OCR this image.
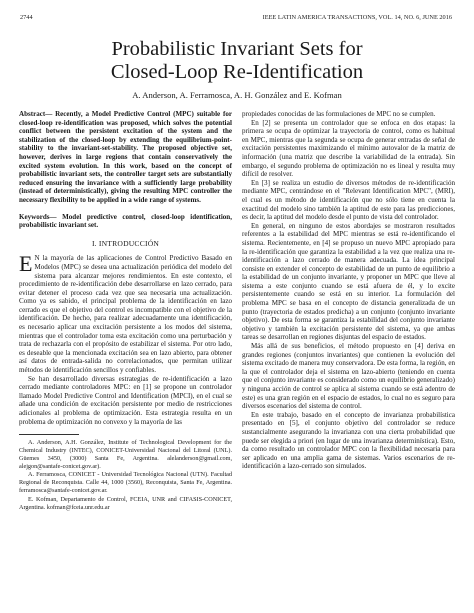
2744	IEEE LATIN AMERICA TRANSACTIONS, VOL. 14, NO. 6, JUNE 2016
Probabilistic Invariant Sets for
Closed-Loop Re-Identification
A. Anderson, A. Ferramosca, A. H. González and E. Kofman

Abstract— Recently, a Model Predictive Control (MPC) suitable for closed-loop re-identification was proposed, which solves the potential conflict between the persistent excitation of the system and the stabilization of the closed-loop by extending the equilibrium-point-stability to the invariant-set-stability. The proposed objective set, however, derives in large regions that contain conservatively the excited system evolution. In this work, based on the concept of probabilistic invariant sets, the controller target sets are substantially reduced ensuring the invariance with a sufficiently large probability (instead of deterministically), giving the resulting MPC controller the necessary flexibility to be applied in a wide range of systems.

Keywords— Model predictive control, closed-loop identification, probabilistic invariant set.

I. INTRODUCCIÓN

E N la mayoría de las aplicaciones de Control Predictivo Basado en Modelos (MPC) se desea una actualización periódica del modelo del sistema para alcanzar mejores rendimientos. En este contexto, el procedimiento de re-identificación debe desarrollarse en lazo cerrado, para evitar detener el proceso cada vez que sea necesaria una actualización. Como ya es sabido, el principal problema de la identificación en lazo cerrado es que el objetivo del control es incompatible con el objetivo de la identificación. De hecho, para realizar adecuadamente una identificación, es necesario aplicar una excitación persistente a los modos del sistema, mientras que el controlador toma esta excitación como una perturbación y trata de rechazarla con el propósito de estabilizar el sistema. Por otro lado, es deseable que la mencionada excitación sea en lazo abierto, para obtener así datos de entrada-salida no correlacionados, que permitan utilizar métodos de identificación sencillos y confiables.

Se han desarrollado diversas estrategias de re-identificación a lazo cerrado mediante controladores MPC: en [1] se propone un controlador llamado Model Predictive Control and Identification (MPCI), en el cual se añade una condición de excitación persistente por medio de restricciones adicionales al problema de optimización. Esta estrategia resulta en un problema de optimización no convexo y la mayoría de las

A. Anderson, A.H. González, Institute of Technological Development for the Chemical Industry (INTEC), CONICET-Universidad Nacional del Litoral (UNL). Güemes 3450, (3000) Santa Fe, Argentina. alelanderson@gmail.com, alejgon@santafe-conicet.gov.ar).

A. Ferramosca, CONICET - Universidad Tecnológica Nacional (UTN). Facultad Regional de Reconquista. Calle 44, 1000 (3560), Reconquista, Santa Fe, Argentina. ferramosca@santafe-conicet.gov.ar.

E. Kofman, Departamento de Control, FCEIA, UNR and CIFASIS-CONICET, Argentina. kofman@fceia.unr.edu.ar

propiedades conocidas de las formulaciones de MPC no se cumplen.

En [2] se presenta un controlador que se enfoca en dos etapas: la primera se ocupa de optimizar la trayectoria de control, como es habitual en MPC, mientras que la segunda se ocupa de generar entradas de señal de excitación persistentes maximizando el mínimo autovalor de la matriz de información (una matriz que describe la variabilidad de la entrada). Sin embargo, el segundo problema de optimización no es lineal y resulta muy difícil de resolver.

En [3] se realiza un estudio de diversos métodos de re-identificación mediante MPC, centrándose en el "Relevant Identification MPC", (MRI), el cual es un método de identificación que no sólo tiene en cuenta la exactitud del modelo sino también la aptitud de este para las predicciones, es decir, la aptitud del modelo desde el punto de vista del controlador.

En general, en ninguno de estos abordajes se mostraron resultados referentes a la estabilidad del MPC mientras se está re-identificando el sistema. Recientemente, en [4] se propuso un nuevo MPC apropiado para la re-identificación que garantiza la estabilidad a la vez que realiza una re-identificación a lazo cerrado de manera adecuada. La idea principal consiste en extender el concepto de estabilidad de un punto de equilibrio a la estabilidad de un conjunto invariante, y proponer un MPC que lleve al sistema a este conjunto cuando se está afuera de él, y lo excite persistentemente cuando se está en su interior. La formulación del problema MPC se basa en el concepto de distancia generalizada de un punto (trayectoria de estados predicha) a un conjunto (conjunto invariante objetivo). De esta forma se garantiza la estabilidad del conjunto invariante objetivo y también la excitación persistente del sistema, ya que ambas tareas se desarrollan en regiones disjuntas del espacio de estados.

Más allá de sus beneficios, el método propuesto en [4] deriva en grandes regiones (conjuntos invariantes) que contienen la evolución del sistema excitado de manera muy conservadora. De esta forma, la región, en la que el controlador deja el sistema en lazo-abierto (teniendo en cuenta que el conjunto invariante es considerado como un equilibrio generalizado) y ninguna acción de control se aplica al sistema cuando se está adentro de este) es una gran región en el espacio de estados, lo cual no es seguro para diversos escenarios del sistema de control.

En este trabajo, basado en el concepto de invarianza probabilística presentado en [5], el conjunto objetivo del controlador se reduce sustancialmente asegurando la invarianza con una cierta probabilidad que puede ser elegida a priori (en lugar de una invarianza determinística). Esto, da como resultado un controlador MPC con la flexibilidad necesaria para ser aplicado en una amplia gama de sistemas. Varios escenarios de re-identificación a lazo-cerrado son simulados.
